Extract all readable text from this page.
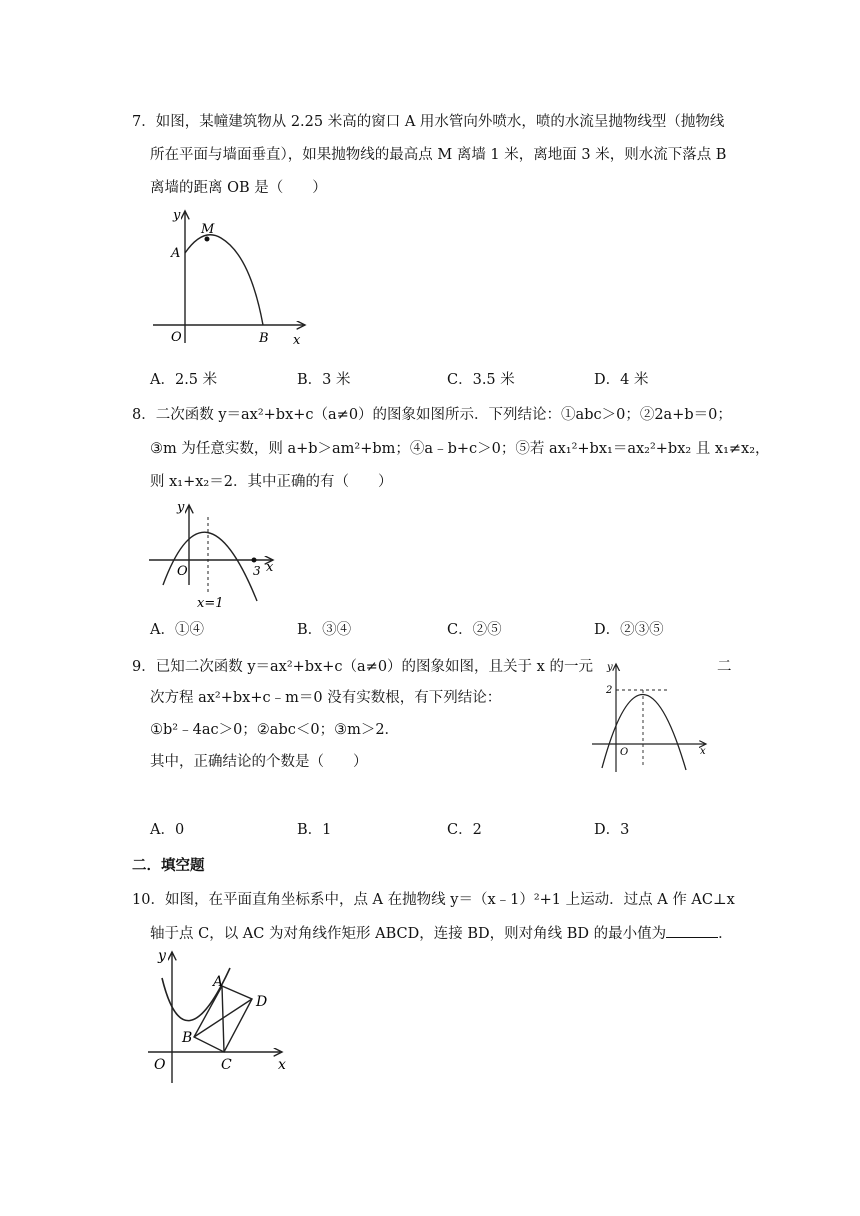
7．如图，某幢建筑物从 2.25 米高的窗口 A 用水管向外喷水，喷的水流呈抛物线型（抛物线
所在平面与墙面垂直），如果抛物线的最高点 M 离墙 1 米，离地面 3 米，则水流下落点 B
离墙的距离 OB 是（　　）
y
M
A
O	B x
A．2.5 米	B．3 米	C．3.5 米	D．4 米
8．二次函数 y＝ax²+bx+c（a≠0）的图象如图所示．下列结论：①abc＞0；②2a+b＝0；
③m 为任意实数，则 a+b＞am²+bm；④a﹣b+c＞0；⑤若 ax₁²+bx₁＝ax₂²+bx₂ 且 x₁≠x₂，
则 x₁+x₂＝2．其中正确的有（　　）
y
O	3 x
x=1
A．①④	B．③④	C．②⑤	D．②③⑤
9．已知二次函数 y＝ax²+bx+c（a≠0）的图象如图，且关于 x 的一元	二
次方程 ax²+bx+c﹣m＝0 没有实数根，有下列结论：
①b²﹣4ac＞0；②abc＜0；③m＞2．
其中，正确结论的个数是（　　）
y
2
O	x
A．0	B．1	C．2	D．3
二．填空题
10．如图，在平面直角坐标系中，点 A 在抛物线 y＝（x﹣1）²+1 上运动．过点 A 作 AC⊥x
轴于点 C，以 AC 为对角线作矩形 ABCD，连接 BD，则对角线 BD 的最小值为	．
y
A
D
B
O	C	x
